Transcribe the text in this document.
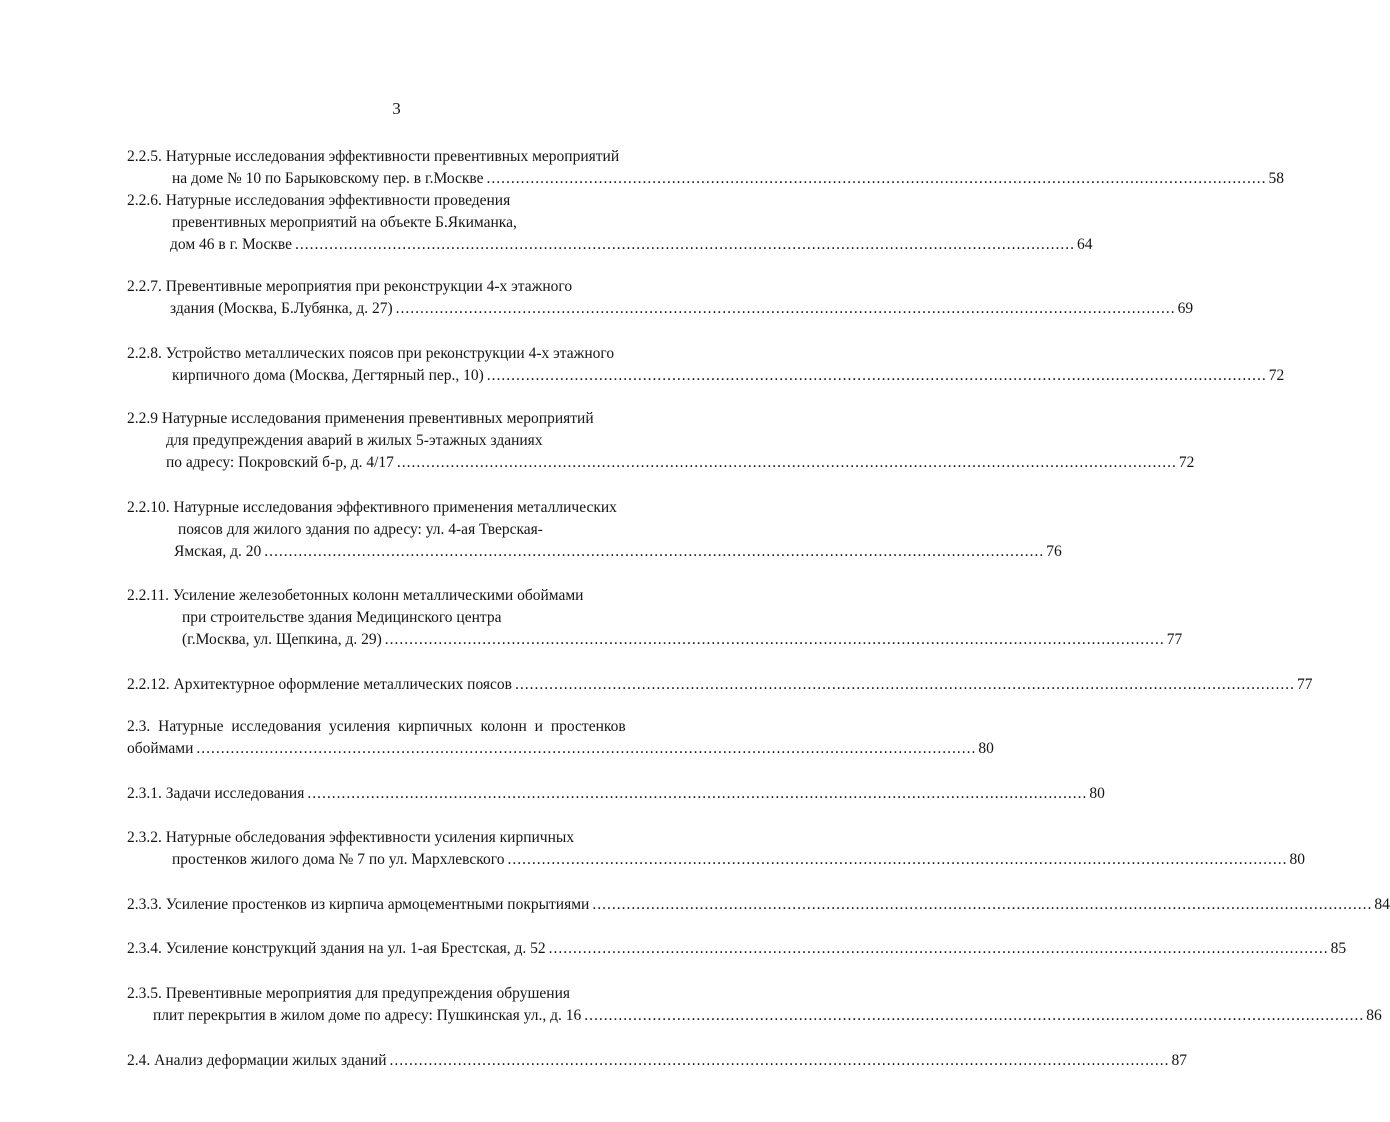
3
2.2.5. Натурные исследования эффективности превентивных мероприятий
на доме № 10 по Барыковскому пер. в г.Москве ................................................................................................................................................................ 58
2.2.6. Натурные исследования эффективности проведения
превентивных мероприятий на объекте Б.Якиманка,
дом 46 в г. Москве ................................................................................................................................................................ 64
2.2.7. Превентивные мероприятия при реконструкции 4-х этажного
здания (Москва, Б.Лубянка, д. 27) ................................................................................................................................................................ 69
2.2.8. Устройство металлических поясов при реконструкции 4-х этажного
кирпичного дома (Москва, Дегтярный пер., 10) ................................................................................................................................................................ 72
2.2.9 Натурные исследования применения превентивных мероприятий
для предупреждения аварий в жилых 5-этажных зданиях
по адресу: Покровский б-р, д. 4/17 ................................................................................................................................................................ 72
2.2.10. Натурные исследования эффективного применения металлических
поясов для жилого здания по адресу: ул. 4-ая Тверская-
Ямская, д. 20 ................................................................................................................................................................ 76
2.2.11. Усиление железобетонных колонн металлическими обоймами
при строительстве здания Медицинского центра
(г.Москва, ул. Щепкина, д. 29) ................................................................................................................................................................ 77
2.2.12. Архитектурное оформление металлических поясов ................................................................................................................................................................ 77
2.3. Натурные исследования усиления кирпичных колонн и простенков
обоймами ................................................................................................................................................................ 80
2.3.1. Задачи исследования ................................................................................................................................................................ 80
2.3.2. Натурные обследования эффективности усиления кирпичных
простенков жилого дома № 7 по ул. Мархлевского ................................................................................................................................................................ 80
2.3.3. Усиление простенков из кирпича армоцементными покрытиями ................................................................................................................................................................ 84
2.3.4. Усиление конструкций здания на ул. 1-ая Брестская, д. 52 ................................................................................................................................................................ 85
2.3.5. Превентивные мероприятия для предупреждения обрушения
плит перекрытия в жилом доме по адресу: Пушкинская ул., д. 16 ................................................................................................................................................................ 86
2.4. Анализ деформации жилых зданий ................................................................................................................................................................ 87
